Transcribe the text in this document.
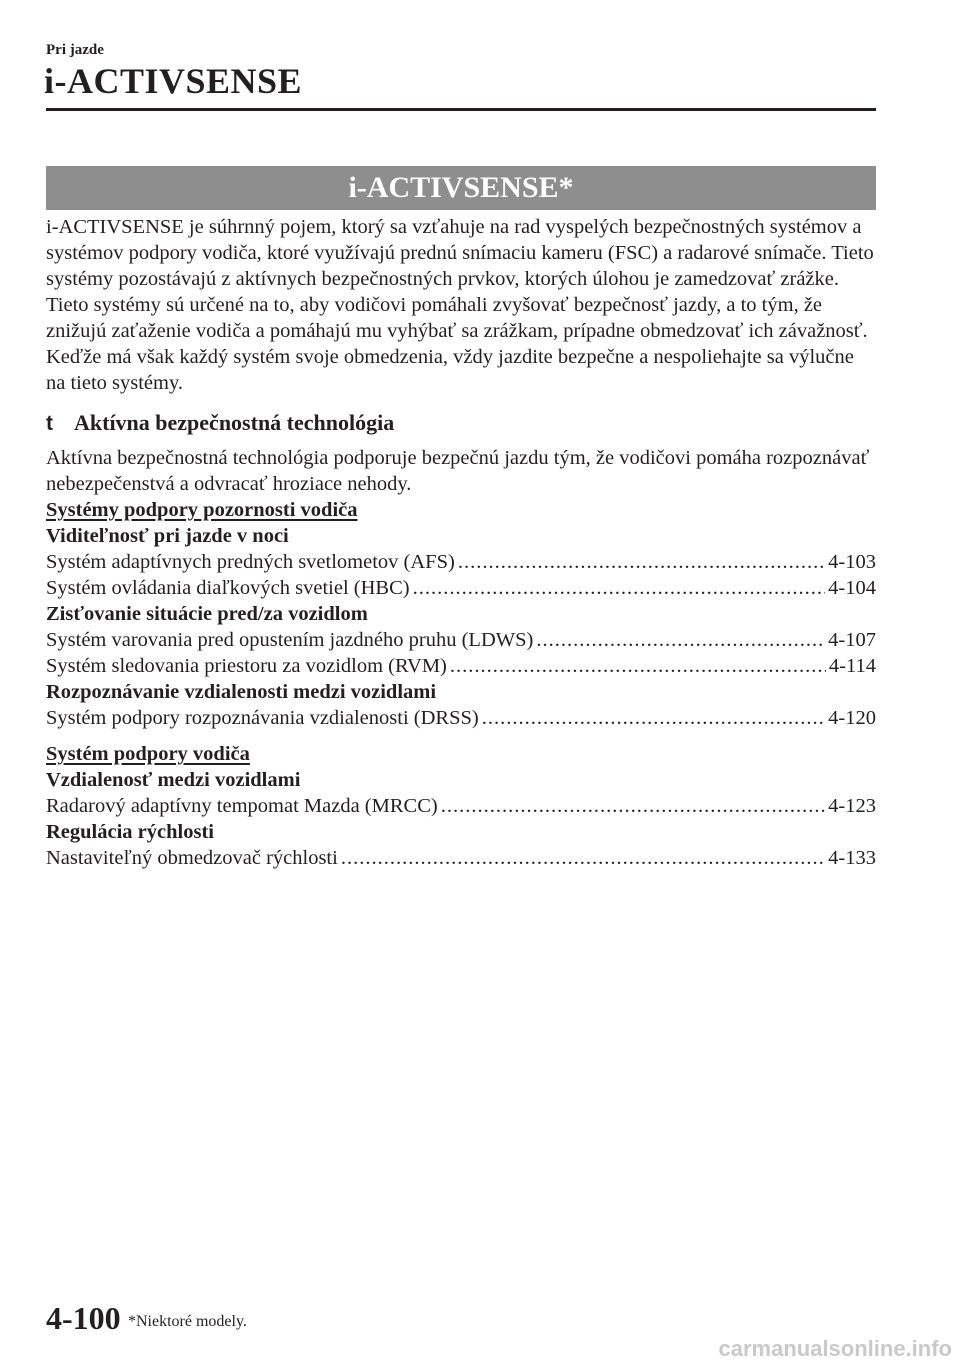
Pri jazde
i-ACTIVSENSE
i-ACTIVSENSE*

i-ACTIVSENSE je súhrnný pojem, ktorý sa vzťahuje na rad vyspelých bezpečnostných systémov a systémov podpory vodiča, ktoré využívajú prednú snímaciu kameru (FSC) a radarové snímače. Tieto systémy pozostávajú z aktívnych bezpečnostných prvkov, ktorých úlohou je zamedzovať zrážke.

Tieto systémy sú určené na to, aby vodičovi pomáhali zvyšovať bezpečnosť jazdy, a to tým, že znižujú zaťaženie vodiča a pomáhajú mu vyhýbať sa zrážkam, prípadne obmedzovať ich závažnosť. Keďže má však každý systém svoje obmedzenia, vždy jazdite bezpečne a nespoliehajte sa výlučne na tieto systémy.

t Aktívna bezpečnostná technológia

Aktívna bezpečnostná technológia podporuje bezpečnú jazdu tým, že vodičovi pomáha rozpoznávať nebezpečenstvá a odvracať hroziace nehody.

Systémy podpory pozornosti vodiča

Viditeľnosť pri jazde v noci

Systém adaptívnych predných svetlometov (AFS) .....	4-103
Systém ovládania diaľkových svetiel (HBC) .....	4-104

Zisťovanie situácie pred/za vozidlom

Systém varovania pred opustením jazdného pruhu (LDWS) .....	4-107
Systém sledovania priestoru za vozidlom (RVM) .....	4-114

Rozpoznávanie vzdialenosti medzi vozidlami

Systém podpory rozpoznávania vzdialenosti (DRSS) .....	4-120

Systém podpory vodiča

Vzdialenosť medzi vozidlami

Radarový adaptívny tempomat Mazda (MRCC) .....	4-123

Regulácia rýchlosti

Nastaviteľný obmedzovač rýchlosti .....	4-133
4-100 *Niektoré modely.
carmanualsonline.info
